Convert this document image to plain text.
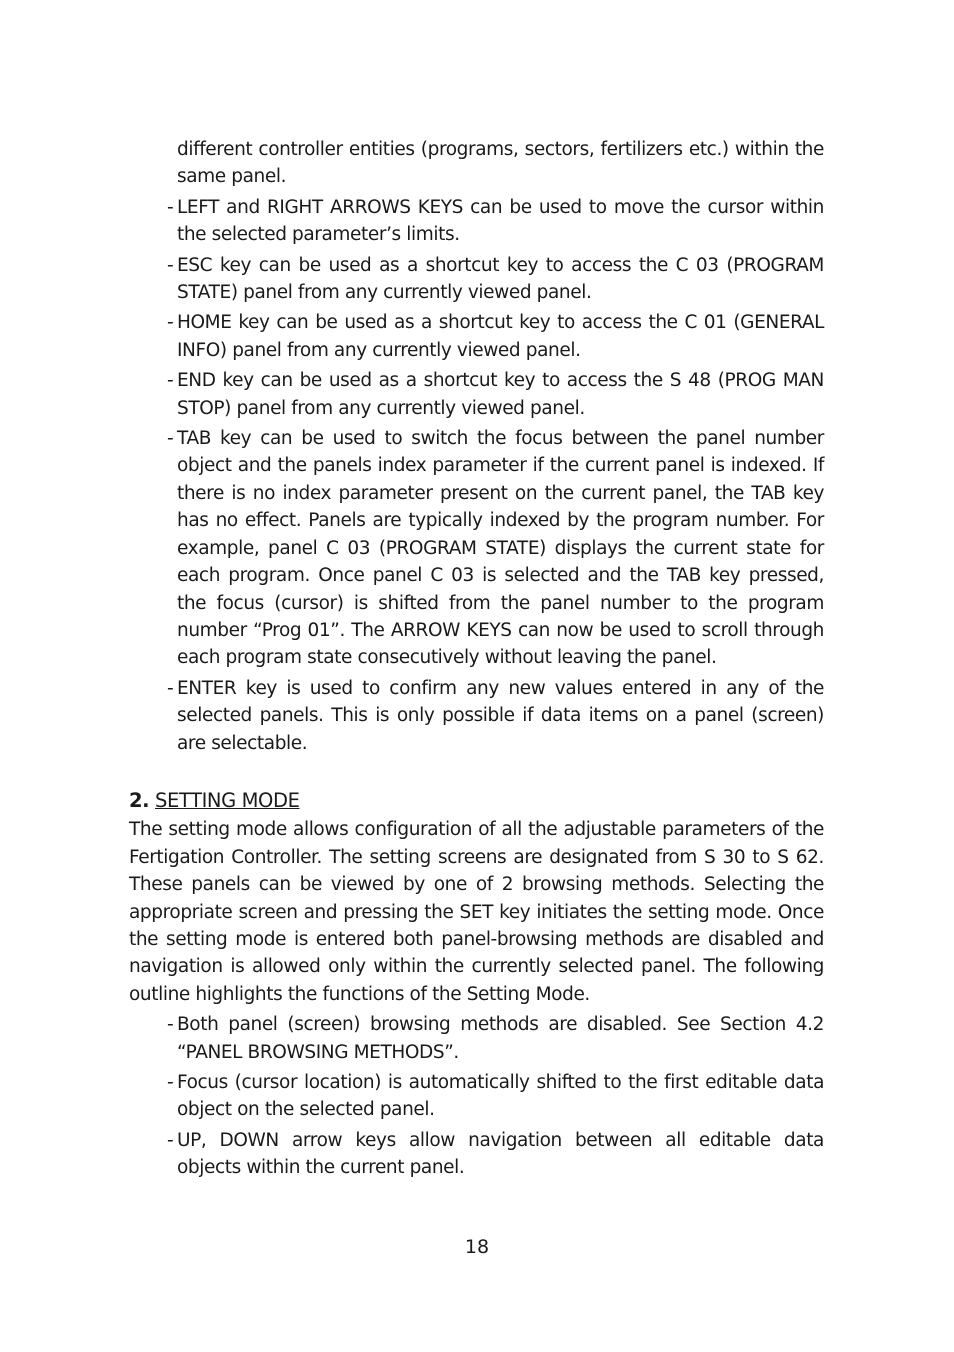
different controller entities (programs, sectors, fertilizers etc.) within the same panel.
- LEFT and RIGHT ARROWS KEYS can be used to move the cursor within the selected parameter’s limits.
- ESC key can be used as a shortcut key to access the C 03 (PROGRAM STATE) panel from any currently viewed panel.
- HOME key can be used as a shortcut key to access the C 01 (GENERAL INFO) panel from any currently viewed panel.
- END key can be used as a shortcut key to access the S 48 (PROG MAN STOP) panel from any currently viewed panel.
- TAB key can be used to switch the focus between the panel number object and the panels index parameter if the current panel is indexed. If there is no index parameter present on the current panel, the TAB key has no effect. Panels are typically indexed by the program number. For example, panel C 03 (PROGRAM STATE) displays the current state for each program. Once panel C 03 is selected and the TAB key pressed, the focus (cursor) is shifted from the panel number to the program number “Prog 01”. The ARROW KEYS can now be used to scroll through each program state consecutively without leaving the panel.
- ENTER key is used to confirm any new values entered in any of the selected panels. This is only possible if data items on a panel (screen) are selectable.
2. SETTING MODE
The setting mode allows configuration of all the adjustable parameters of the Fertigation Controller. The setting screens are designated from S 30 to S 62. These panels can be viewed by one of 2 browsing methods. Selecting the appropriate screen and pressing the SET key initiates the setting mode. Once the setting mode is entered both panel-browsing methods are disabled and navigation is allowed only within the currently selected panel. The following outline highlights the functions of the Setting Mode.
- Both panel (screen) browsing methods are disabled. See Section 4.2 “PANEL BROWSING METHODS”.
- Focus (cursor location) is automatically shifted to the first editable data object on the selected panel.
- UP, DOWN arrow keys allow navigation between all editable data objects within the current panel.
18
